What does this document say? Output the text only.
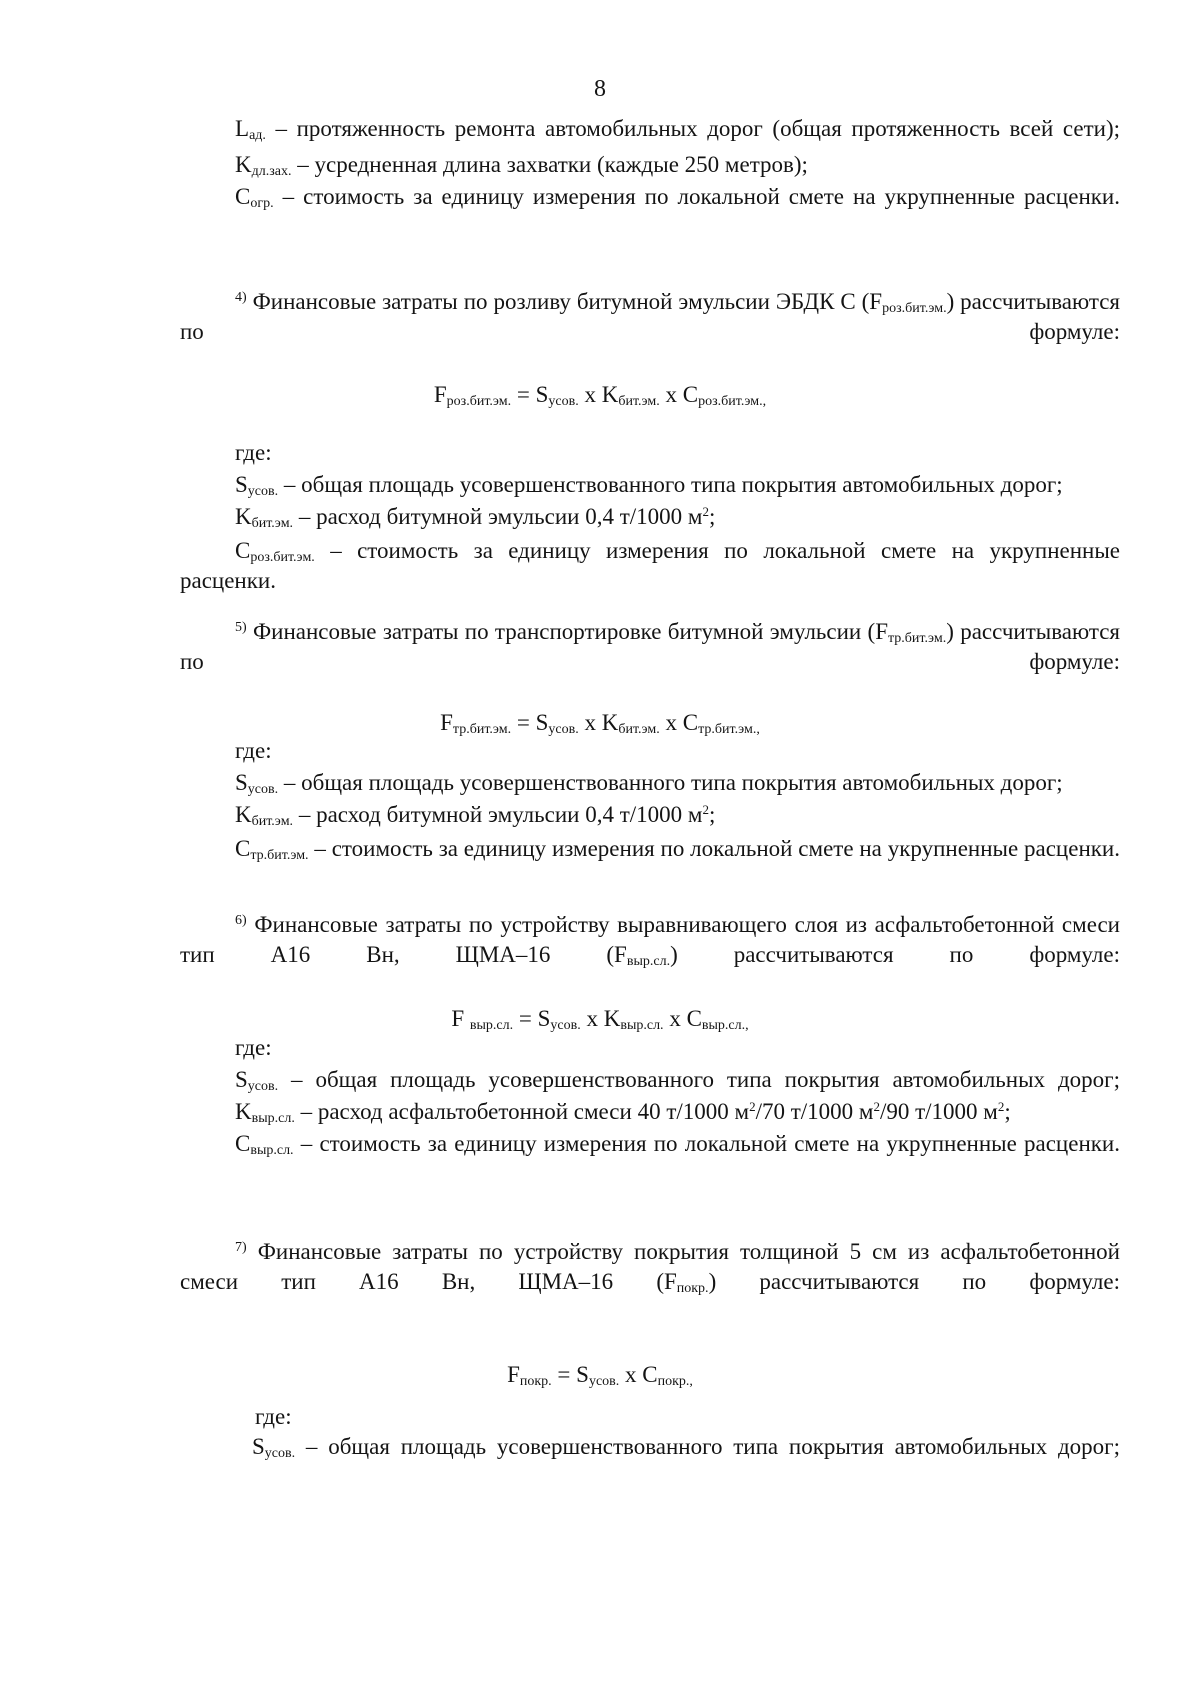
8

$L_{ад.}$ – протяженность ремонта автомобильных дорог (общая протяженность всей сети);

$K_{дл.зах.}$ – усредненная длина захватки (каждые 250 метров);

$C_{огр.}$ – стоимость за единицу измерения по локальной смете на укрупненные расценки.

$^{4)}$ Финансовые затраты по розливу битумной эмульсии ЭБДК С $(F_{роз.бит.эм.})$ рассчитываются по формуле:

$F_{роз.бит.эм.} = S_{усов.}$ х $K_{бит.эм.}$ х $C_{роз.бит.эм.,}$

где:

$S_{усов.}$ – общая площадь усовершенствованного типа покрытия автомобильных дорог;

$K_{бит.эм.}$ – расход битумной эмульсии 0,4 т/1000 $м^2$;

$C_{роз.бит.эм.}$ – стоимость за единицу измерения по локальной смете на укрупненные расценки.

$^{5)}$ Финансовые затраты по транспортировке битумной эмульсии $(F_{тр.бит.эм.})$ рассчитываются по формуле:

$F_{тр.бит.эм.} = S_{усов.}$ х $K_{бит.эм.}$ х $C_{тр.бит.эм.,}$

где:

$S_{усов.}$ – общая площадь усовершенствованного типа покрытия автомобильных дорог;

$K_{бит.эм.}$ – расход битумной эмульсии 0,4 т/1000 $м^2$;

$C_{тр.бит.эм.}$ – стоимость за единицу измерения по локальной смете на укрупненные расценки.

$^{6)}$ Финансовые затраты по устройству выравнивающего слоя из асфальтобетонной смеси тип А16 Вн, ЩМА–16 $(F_{выр.сл.})$ рассчитываются по формуле:

F $_{выр.сл.} = S_{усов.}$ х $K_{выр.сл.}$ х $C_{выр.сл.,}$

где:

$S_{усов.}$ – общая площадь усовершенствованного типа покрытия автомобильных дорог;

$K_{выр.сл.}$ – расход асфальтобетонной смеси 40 т/1000 $м^2/70$ т/1000 $м^2/90$ т/1000 $м^2$;

$C_{выр.сл.}$ – стоимость за единицу измерения по локальной смете на укрупненные расценки.

$^{7)}$ Финансовые затраты по устройству покрытия толщиной 5 см из асфальтобетонной смеси тип А16 Вн, ЩМА–16 $(F_{покр.})$ рассчитываются по формуле:

$F_{покр.} = S_{усов.}$ х $C_{покр.,}$

где:

$S_{усов.}$ – общая площадь усовершенствованного типа покрытия автомобильных дорог;
